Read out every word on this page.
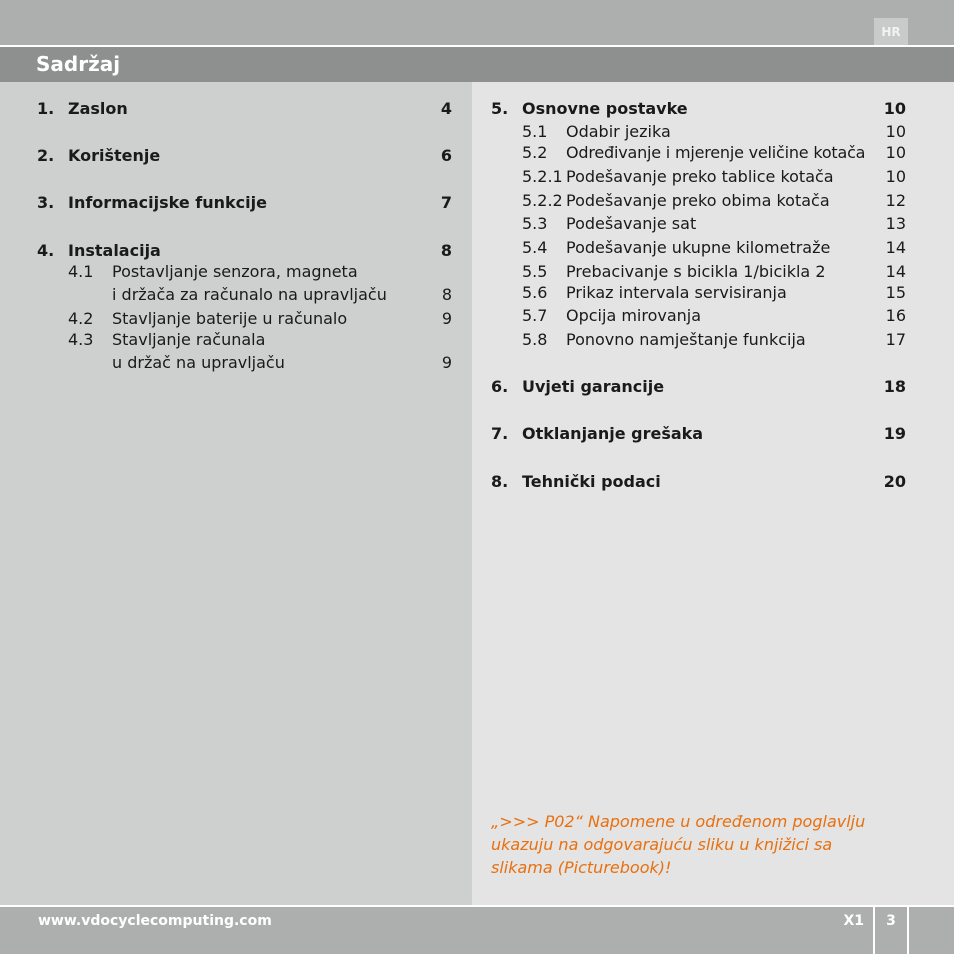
HR
Sadržaj
1. Zaslon	4
2. Korištenje	6
3. Informacijske funkcije	7
4. Instalacija	8
4.1 Postavljanje senzora, magneta
i držača za računalo na upravljaču	8
4.2 Stavljanje baterije u računalo	9
4.3 Stavljanje računala
u držač na upravljaču	9
5. Osnovne postavke	10
5.1 Odabir jezika	10
5.2 Određivanje i mjerenje veličine kotača	10
5.2.1 Podešavanje preko tablice kotača	10
5.2.2 Podešavanje preko obima kotača	12
5.3 Podešavanje sat	13
5.4 Podešavanje ukupne kilometraže	14
5.5 Prebacivanje s bicikla 1/bicikla 2	14
5.6 Prikaz intervala servisiranja	15
5.7 Opcija mirovanja	16
5.8 Ponovno namještanje funkcija	17
6. Uvjeti garancije	18
7. Otklanjanje grešaka	19
8. Tehnički podaci	20
„>>> P02“ Napomene u određenom poglavlju
ukazuju na odgovarajuću sliku u knjižici sa
slikama (Picturebook)!
www.vdocyclecomputing.com	X1	3
